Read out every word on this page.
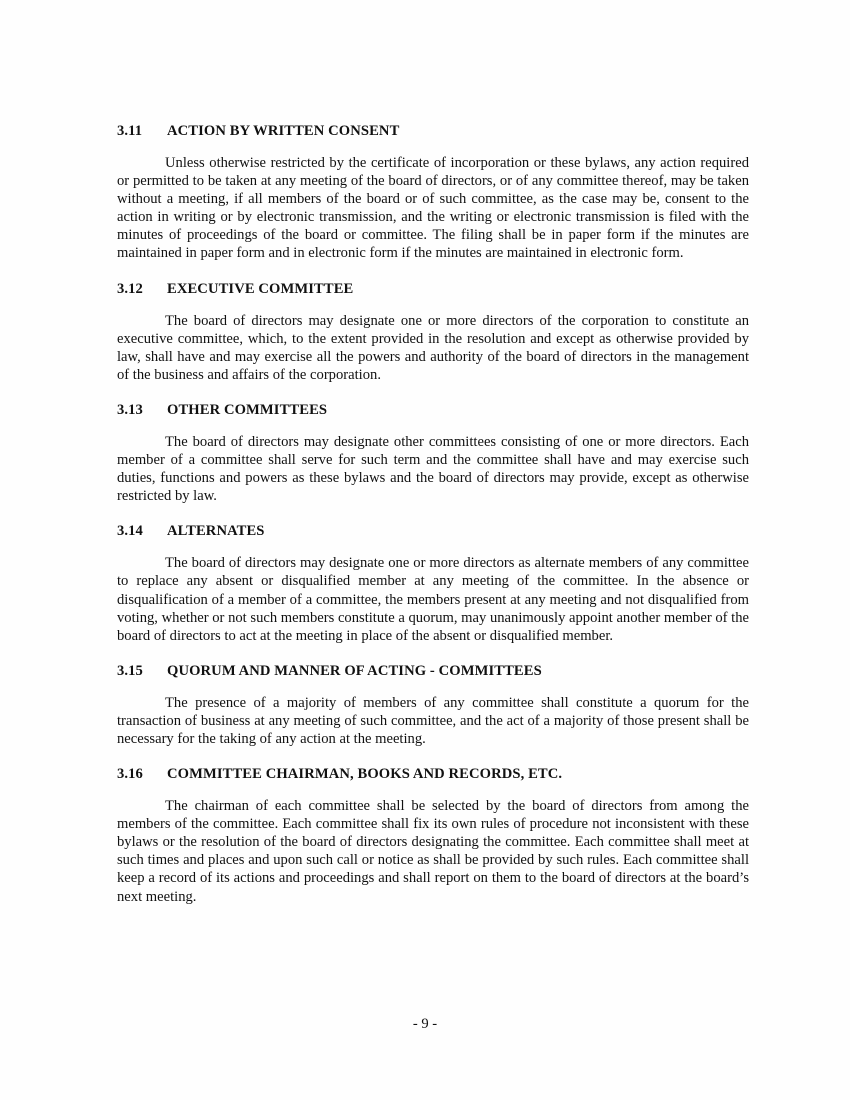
3.11	ACTION BY WRITTEN CONSENT

Unless otherwise restricted by the certificate of incorporation or these bylaws, any action required or permitted to be taken at any meeting of the board of directors, or of any committee thereof, may be taken without a meeting, if all members of the board or of such committee, as the case may be, consent to the action in writing or by electronic transmission, and the writing or electronic transmission is filed with the minutes of proceedings of the board or committee. The filing shall be in paper form if the minutes are maintained in paper form and in electronic form if the minutes are maintained in electronic form.

3.12	EXECUTIVE COMMITTEE

The board of directors may designate one or more directors of the corporation to constitute an executive committee, which, to the extent provided in the resolution and except as otherwise provided by law, shall have and may exercise all the powers and authority of the board of directors in the management of the business and affairs of the corporation.

3.13	OTHER COMMITTEES

The board of directors may designate other committees consisting of one or more directors. Each member of a committee shall serve for such term and the committee shall have and may exercise such duties, functions and powers as these bylaws and the board of directors may provide, except as otherwise restricted by law.

3.14	ALTERNATES

The board of directors may designate one or more directors as alternate members of any committee to replace any absent or disqualified member at any meeting of the committee. In the absence or disqualification of a member of a committee, the members present at any meeting and not disqualified from voting, whether or not such members constitute a quorum, may unanimously appoint another member of the board of directors to act at the meeting in place of the absent or disqualified member.

3.15	QUORUM AND MANNER OF ACTING - COMMITTEES

The presence of a majority of members of any committee shall constitute a quorum for the transaction of business at any meeting of such committee, and the act of a majority of those present shall be necessary for the taking of any action at the meeting.

3.16	COMMITTEE CHAIRMAN, BOOKS AND RECORDS, ETC.

The chairman of each committee shall be selected by the board of directors from among the members of the committee. Each committee shall fix its own rules of procedure not inconsistent with these bylaws or the resolution of the board of directors designating the committee. Each committee shall meet at such times and places and upon such call or notice as shall be provided by such rules. Each committee shall keep a record of its actions and proceedings and shall report on them to the board of directors at the board’s next meeting.

- 9 -
